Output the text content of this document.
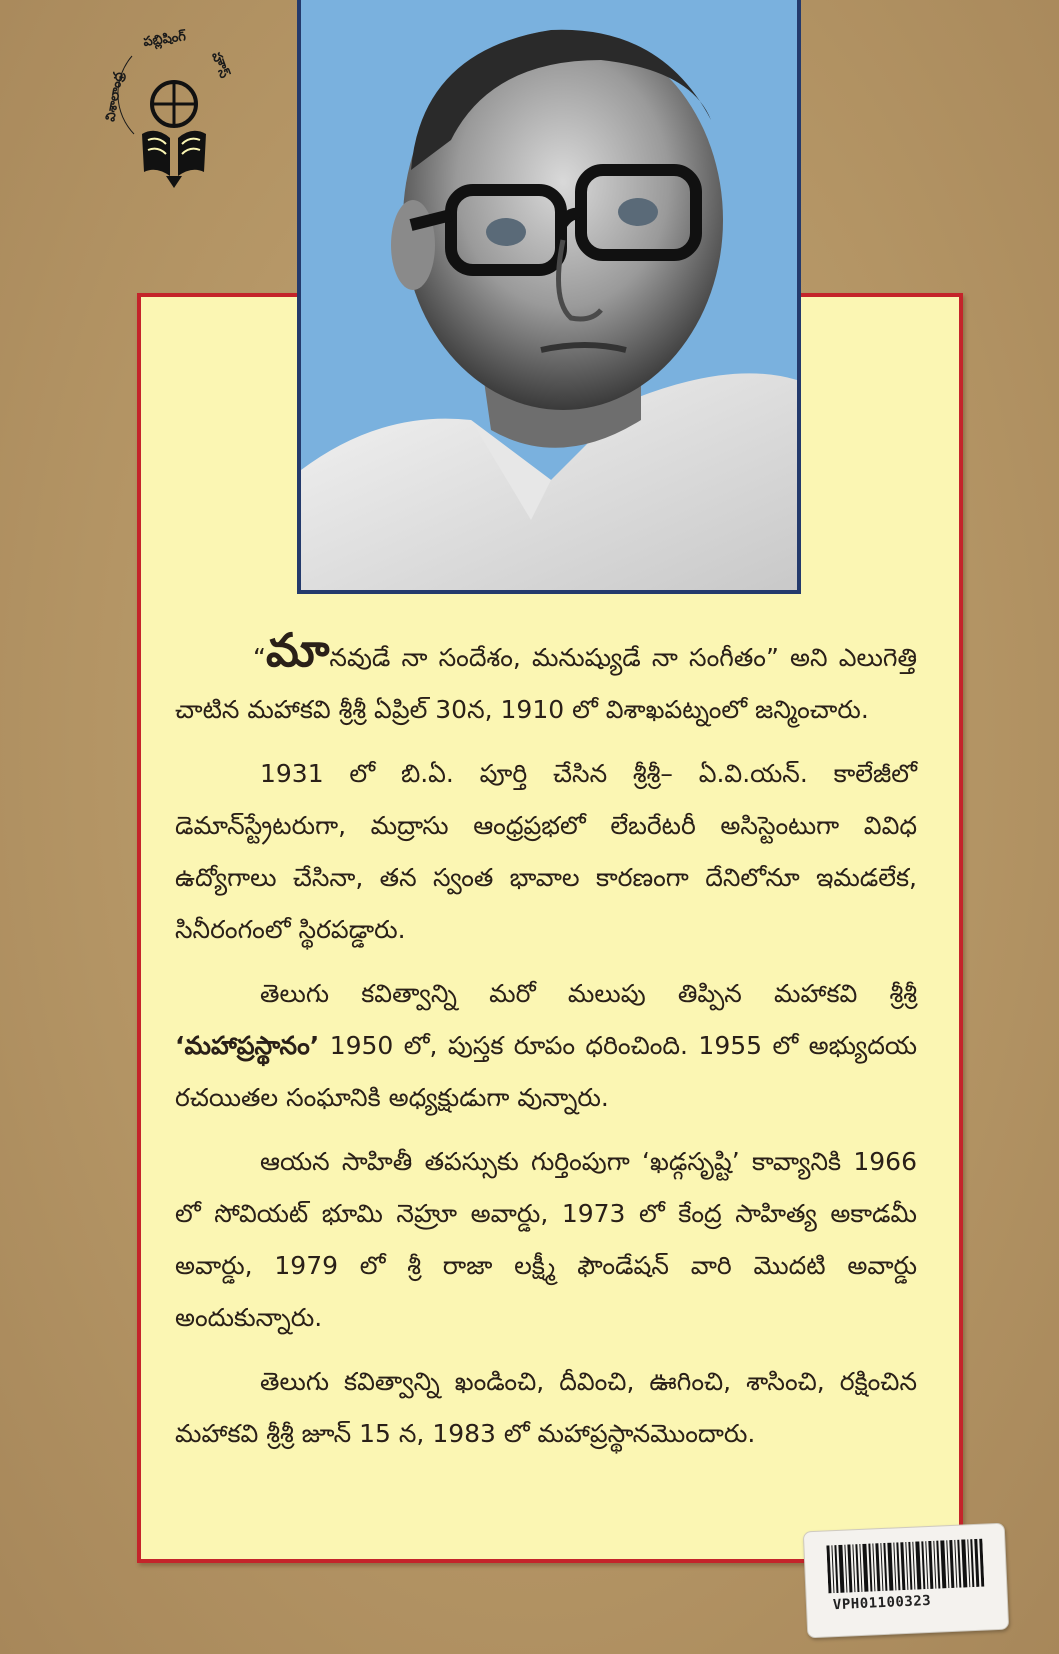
విశాలాంధ్ర
పబ్లిషింగ్
హౌస్

“మానవుడే నా సందేశం, మనుష్యుడే నా సంగీతం” అని ఎలుగెత్తి చాటిన మహాకవి శ్రీశ్రీ ఏప్రిల్ 30న, 1910 లో విశాఖపట్నంలో జన్మించారు.

1931 లో బి.ఏ. పూర్తి చేసిన శ్రీశ్రీ– ఏ.వి.యన్. కాలేజీలో డెమాన్‌స్ట్రేటరుగా, మద్రాసు ఆంధ్రప్రభలో లేబరేటరీ అసిస్టెంటుగా వివిధ ఉద్యోగాలు చేసినా, తన స్వంత భావాల కారణంగా దేనిలోనూ ఇమడలేక, సినీరంగంలో స్థిరపడ్డారు.

తెలుగు కవిత్వాన్ని మరో మలుపు తిప్పిన మహాకవి శ్రీశ్రీ ‘మహాప్రస్థానం’ 1950 లో, పుస్తక రూపం ధరించింది. 1955 లో అభ్యుదయ రచయితల సంఘానికి అధ్యక్షుడుగా వున్నారు.

ఆయన సాహితీ తపస్సుకు గుర్తింపుగా ‘ఖడ్గసృష్టి’ కావ్యానికి 1966 లో సోవియట్ భూమి నెహ్రూ అవార్డు, 1973 లో కేంద్ర సాహిత్య అకాడమీ అవార్డు, 1979 లో శ్రీ రాజా లక్ష్మీ ఫౌండేషన్ వారి మొదటి అవార్డు అందుకున్నారు.

తెలుగు కవిత్వాన్ని ఖండించి, దీవించి, ఊగించి, శాసించి, రక్షించిన మహాకవి శ్రీశ్రీ జూన్ 15 న, 1983 లో మహాప్రస్థానమొందారు.

VPH01100323
